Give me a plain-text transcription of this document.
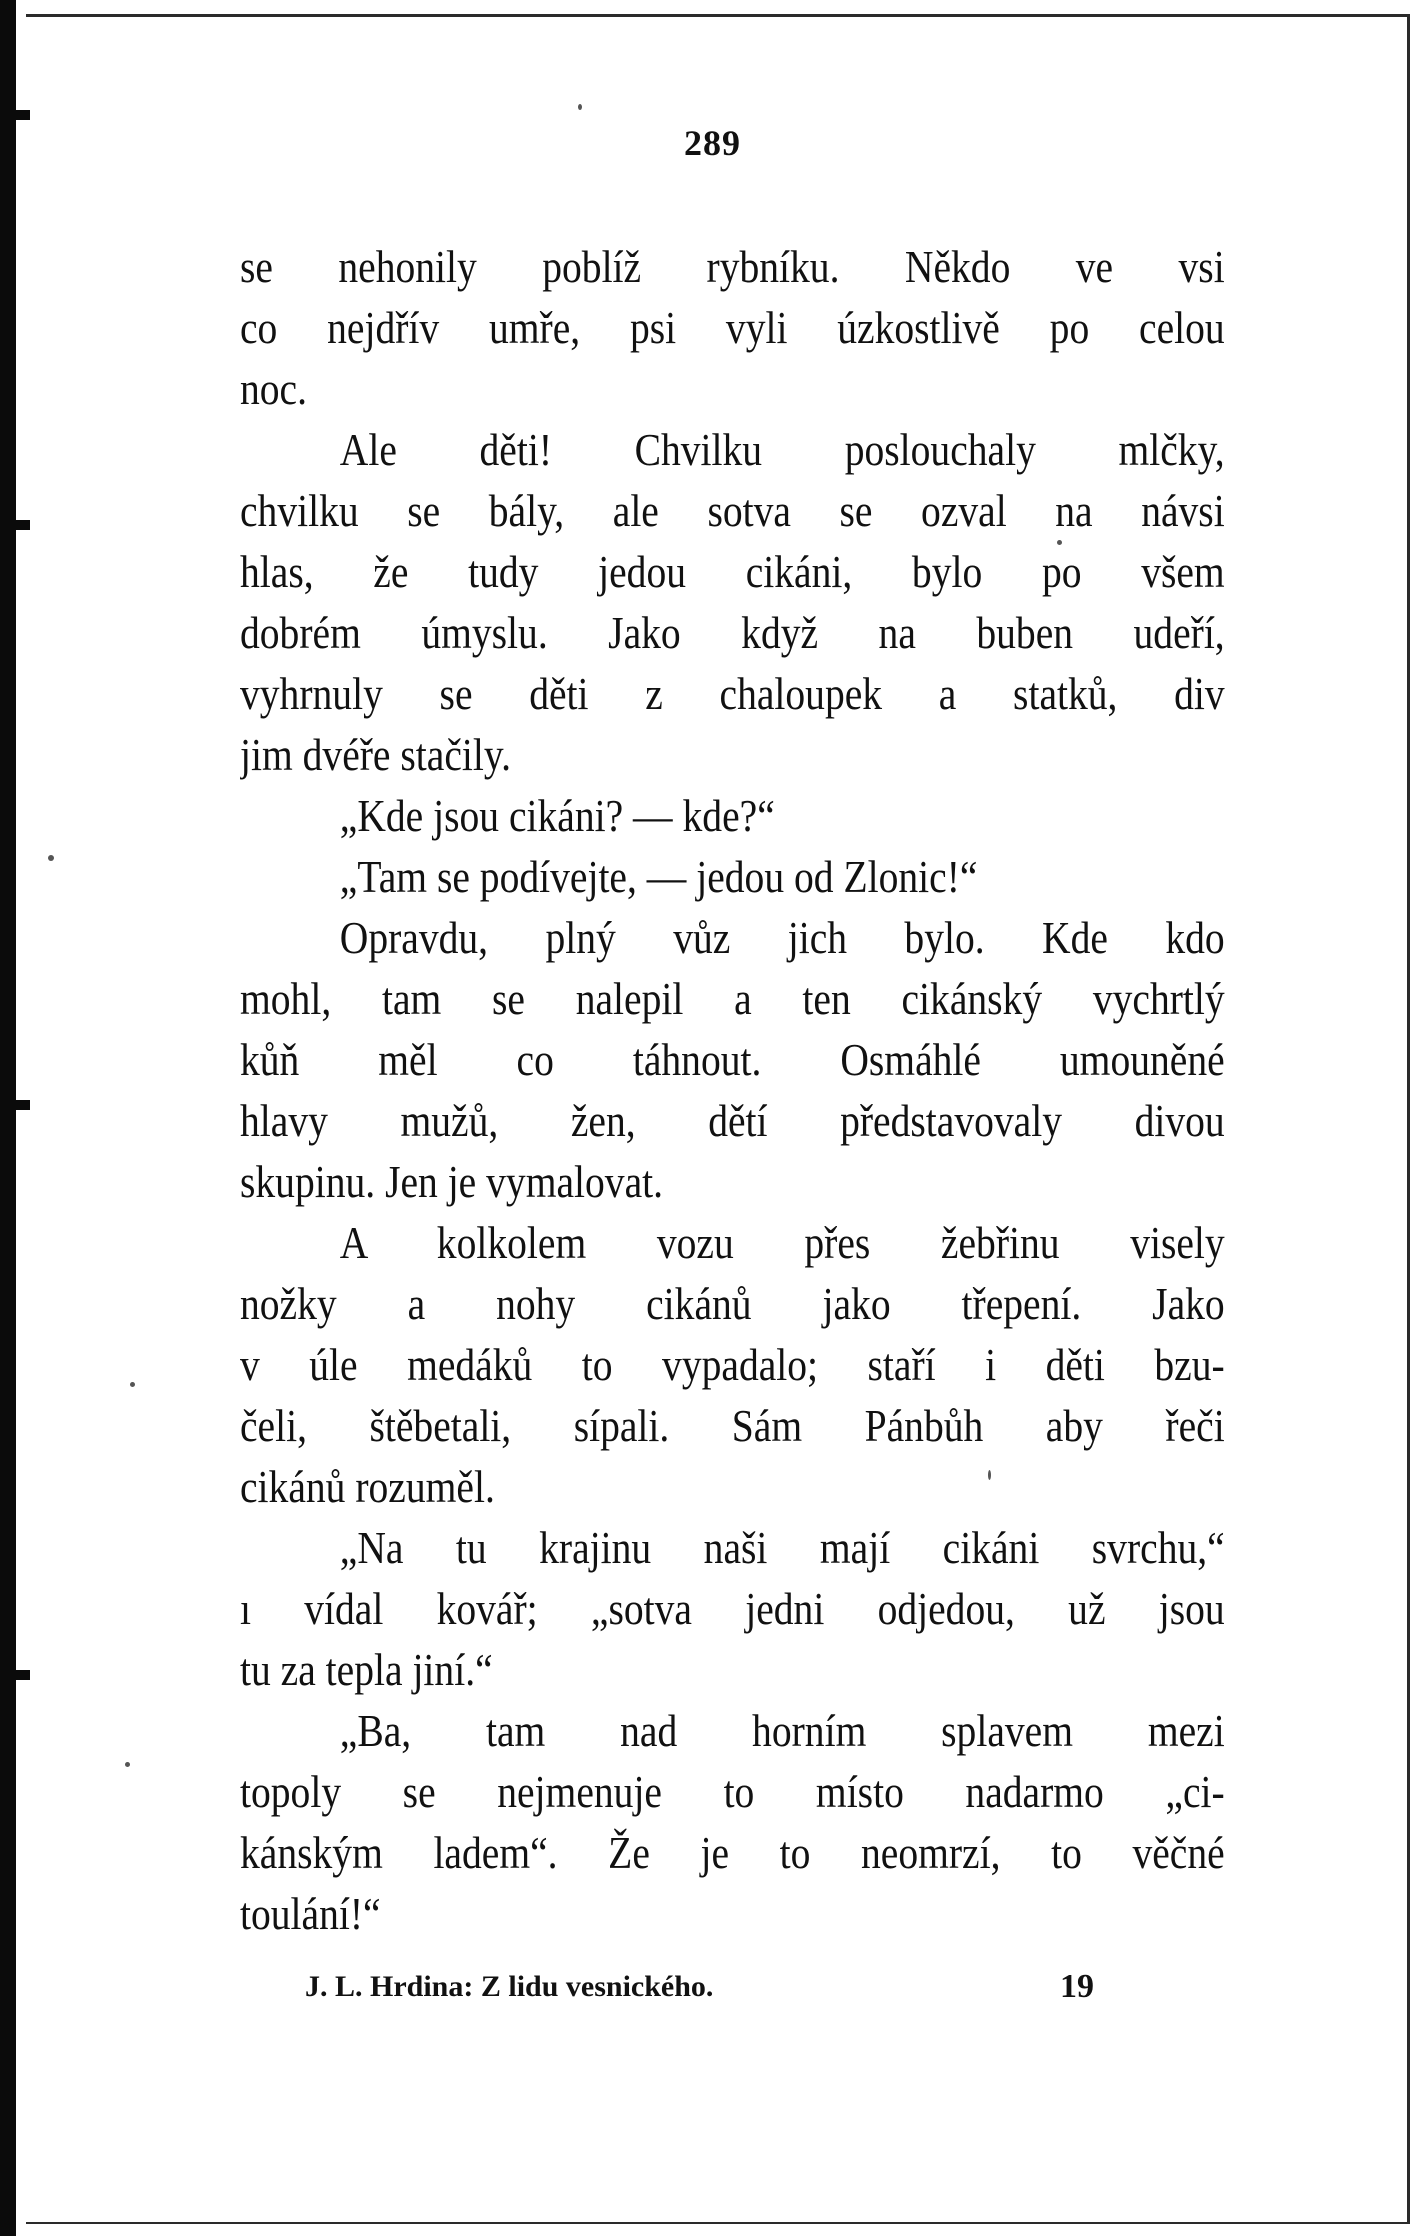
289
se nehonily poblíž rybníku. Někdo ve vsi
co nejdřív umře, psi vyli úzkostlivě po celou
noc.
Ale děti! Chvilku poslouchaly mlčky,
chvilku se bály, ale sotva se ozval na návsi
hlas, že tudy jedou cikáni, bylo po všem
dobrém úmyslu. Jako když na buben udeří,
vyhrnuly se děti z chaloupek a statků, div
jim dvéře stačily.
„Kde jsou cikáni? — kde?“
„Tam se podívejte, — jedou od Zlonic!“
Opravdu, plný vůz jich bylo. Kde kdo
mohl, tam se nalepil a ten cikánský vychrtlý
kůň měl co táhnout. Osmáhlé umouněné
hlavy mužů, žen, dětí představovaly divou
skupinu. Jen je vymalovat.
A kolkolem vozu přes žebřinu visely
nožky a nohy cikánů jako třepení. Jako
v úle medáků to vypadalo; staří i děti bzu-
čeli, štěbetali, sípali. Sám Pánbůh aby řeči
cikánů rozuměl.
„Na tu krajinu naši mají cikáni svrchu,“
ı vídal kovář; „sotva jedni odjedou, už jsou
tu za tepla jiní.“
„Ba, tam nad horním splavem mezi
topoly se nejmenuje to místo nadarmo „ci-
kánským ladem“. Že je to neomrzí, to věčné
toulání!“
J. L. Hrdina: Z lidu vesnického.	19
